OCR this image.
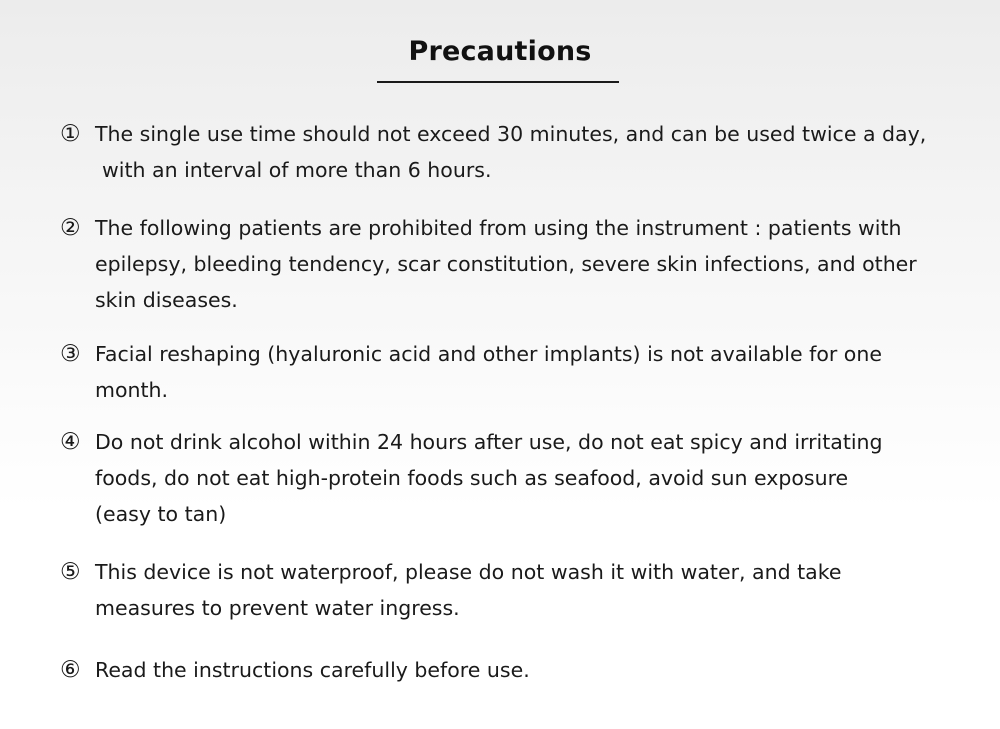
Precautions
① The single use time should not exceed 30 minutes, and can be used twice a day,
with an interval of more than 6 hours.
② The following patients are prohibited from using the instrument : patients with
epilepsy, bleeding tendency, scar constitution, severe skin infections, and other
skin diseases.
③ Facial reshaping (hyaluronic acid and other implants) is not available for one
month.
④ Do not drink alcohol within 24 hours after use, do not eat spicy and irritating
foods, do not eat high-protein foods such as seafood, avoid sun exposure
(easy to tan)
⑤ This device is not waterproof, please do not wash it with water, and take
measures to prevent water ingress.
⑥ Read the instructions carefully before use.
